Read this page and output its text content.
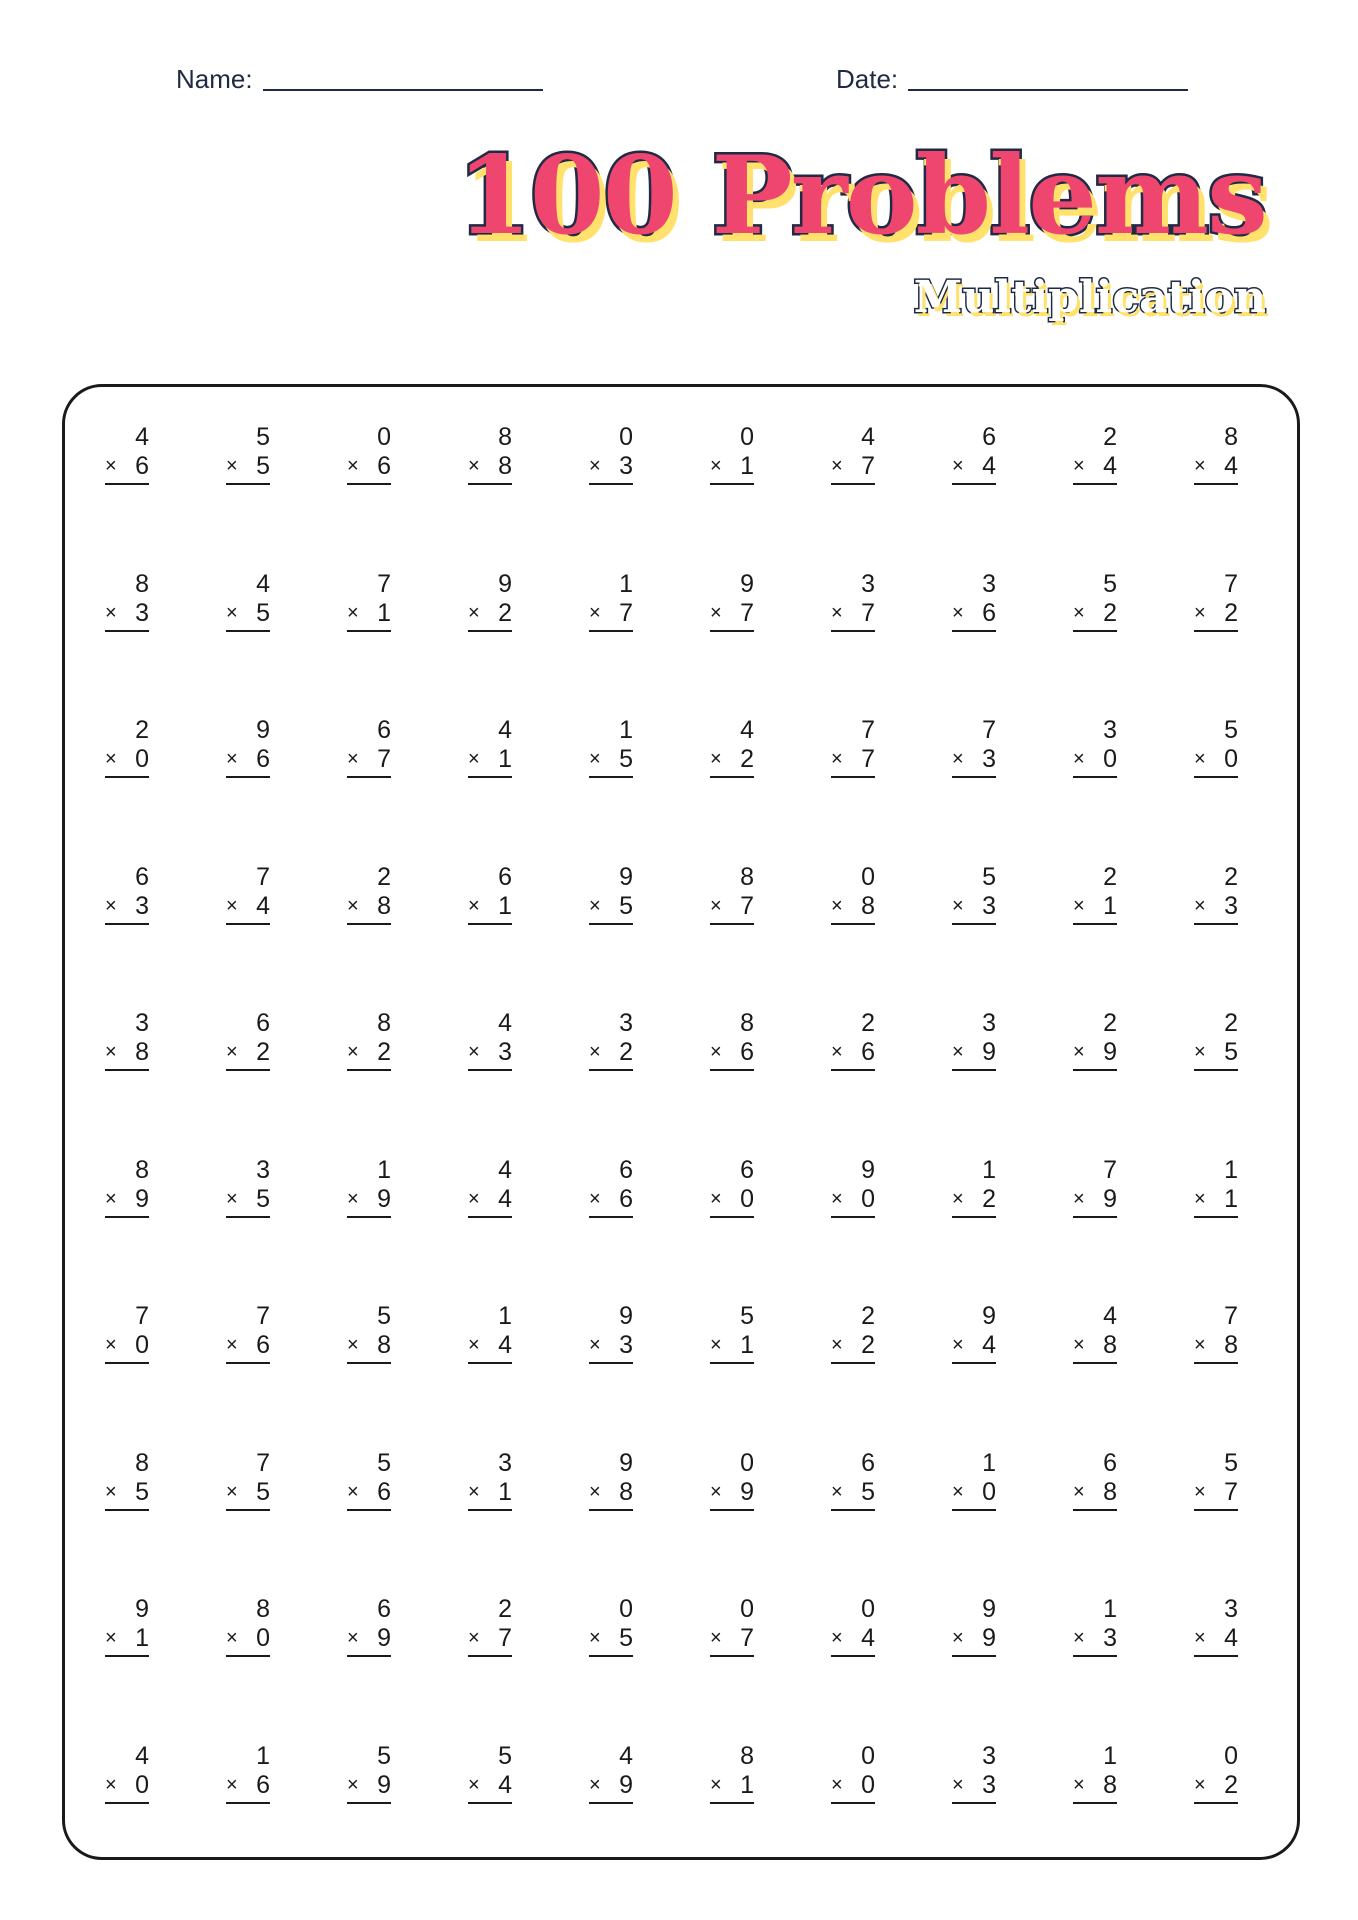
Name:	Date:
100 Problems
Multiplication
4
× 6
5
× 5
0
× 6
8
× 8
0
× 3
0
× 1
4
× 7
6
× 4
2
× 4
8
× 4
8
× 3
4
× 5
7
× 1
9
× 2
1
× 7
9
× 7
3
× 7
3
× 6
5
× 2
7
× 2
2
× 0
9
× 6
6
× 7
4
× 1
1
× 5
4
× 2
7
× 7
7
× 3
3
× 0
5
× 0
6
× 3
7
× 4
2
× 8
6
× 1
9
× 5
8
× 7
0
× 8
5
× 3
2
× 1
2
× 3
3
× 8
6
× 2
8
× 2
4
× 3
3
× 2
8
× 6
2
× 6
3
× 9
2
× 9
2
× 5
8
× 9
3
× 5
1
× 9
4
× 4
6
× 6
6
× 0
9
× 0
1
× 2
7
× 9
1
× 1
7
× 0
7
× 6
5
× 8
1
× 4
9
× 3
5
× 1
2
× 2
9
× 4
4
× 8
7
× 8
8
× 5
7
× 5
5
× 6
3
× 1
9
× 8
0
× 9
6
× 5
1
× 0
6
× 8
5
× 7
9
× 1
8
× 0
6
× 9
2
× 7
0
× 5
0
× 7
0
× 4
9
× 9
1
× 3
3
× 4
4
× 0
1
× 6
5
× 9
5
× 4
4
× 9
8
× 1
0
× 0
3
× 3
1
× 8
0
× 2
